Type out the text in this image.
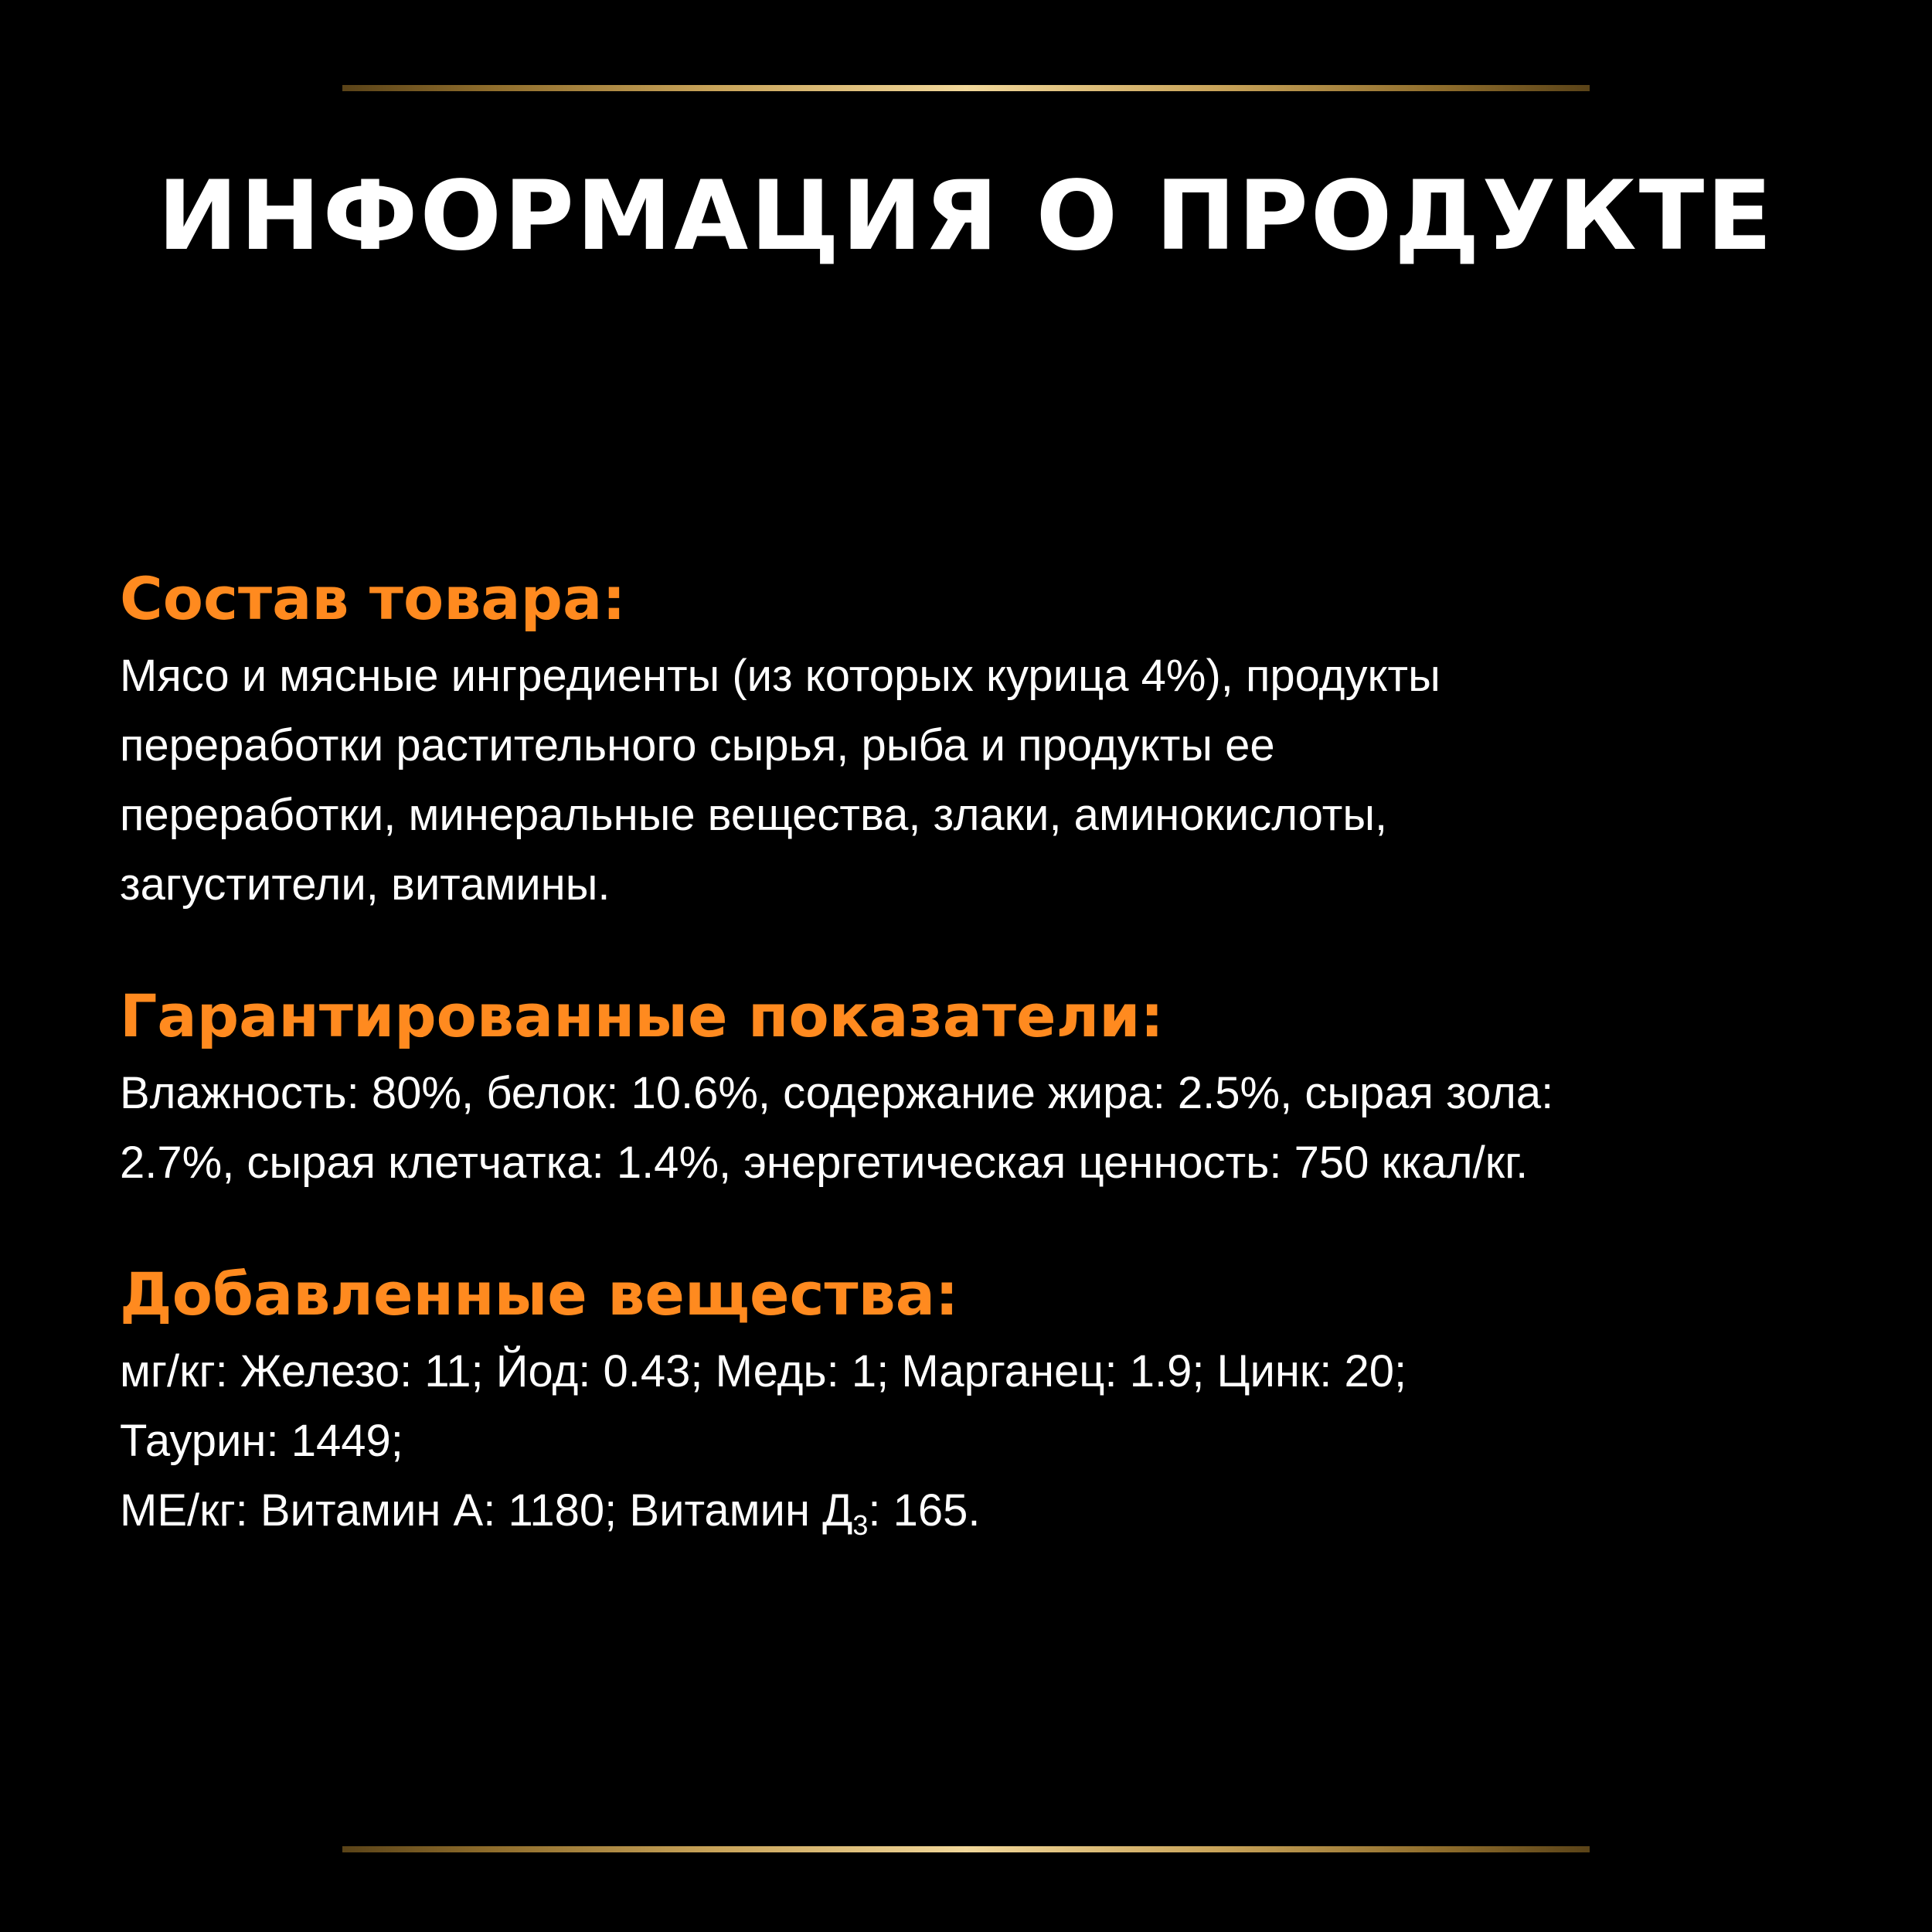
ИНФОРМАЦИЯ О ПРОДУКТЕ

Состав товара:

Мясо и мясные ингредиенты (из которых курица 4%), продукты

переработки растительного сырья, рыба и продукты ее

переработки, минеральные вещества, злаки, аминокислоты,

загустители, витамины.

Гарантированные показатели:

Влажность: 80%, белок: 10.6%, содержание жира: 2.5%, сырая зола:

2.7%, сырая клетчатка: 1.4%, энергетическая ценность: 750 ккал/кг.

Добавленные вещества:

мг/кг: Железо: 11; Йод: 0.43; Медь: 1; Марганец: 1.9; Цинк: 20;

Таурин: 1449;

МЕ/кг: Витамин А: 1180; Витамин $Д_3$: 165.
